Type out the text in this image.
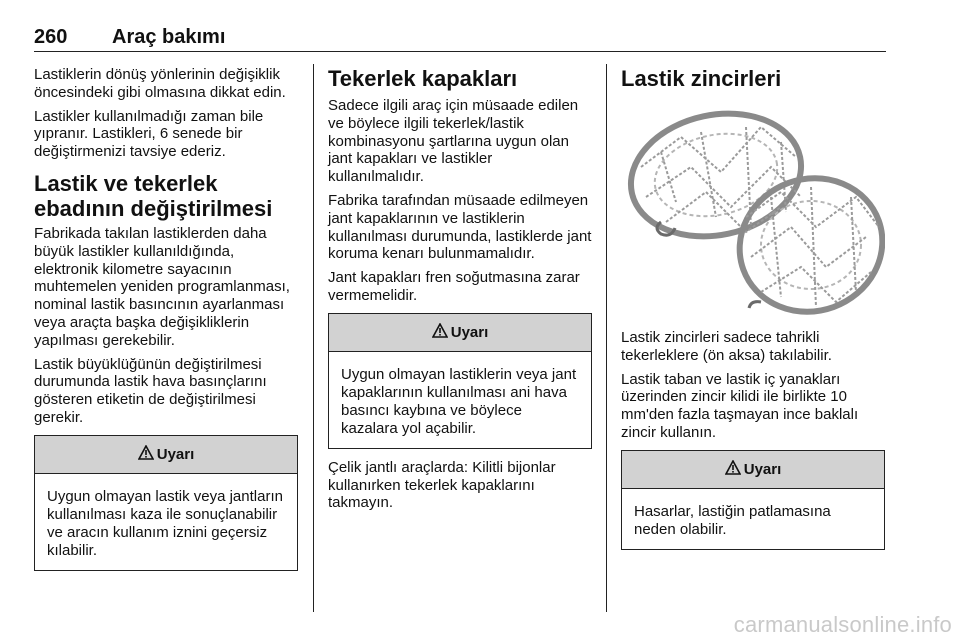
260 Araç bakımı

Lastiklerin dönüş yönlerinin değişiklik öncesindeki gibi olmasına dikkat edin.

Lastikler kullanılmadığı zaman bile yıpranır. Lastikleri, 6 senede bir değiştirmenizi tavsiye ederiz.

Lastik ve tekerlek ebadının değiştirilmesi

Fabrikada takılan lastiklerden daha büyük lastikler kullanıldığında, elektronik kilometre sayacının muhtemelen yeniden programlanması, nominal lastik basıncının ayarlanması veya araçta başka değişikliklerin yapılması gerekebilir.

Lastik büyüklüğünün değiştirilmesi durumunda lastik hava basınçlarını gösteren etiketin de değiştirilmesi gerekir.

Uyarı
Uygun olmayan lastik veya jantların kullanılması kaza ile sonuçlanabilir ve aracın kullanım iznini geçersiz kılabilir.
Tekerlek kapakları

Sadece ilgili araç için müsaade edilen ve böylece ilgili tekerlek/lastik kombinasyonu şartlarına uygun olan jant kapakları ve lastikler kullanılmalıdır.

Fabrika tarafından müsaade edilmeyen jant kapaklarının ve lastiklerin kullanılması durumunda, lastiklerde jant koruma kenarı bulunmamalıdır.

Jant kapakları fren soğutmasına zarar vermemelidir.

Uyarı
Uygun olmayan lastiklerin veya jant kapaklarının kullanılması ani hava basıncı kaybına ve böylece kazalara yol açabilir.

Çelik jantlı araçlarda: Kilitli bijonlar kullanırken tekerlek kapaklarını takmayın.

Lastik zincirleri

Lastik zincirleri sadece tahrikli tekerleklere (ön aksa) takılabilir.

Lastik taban ve lastik iç yanakları üzerinden zincir kilidi ile birlikte 10 mm'den fazla taşmayan ince baklalı zincir kullanın.

Uyarı
Hasarlar, lastiğin patlamasına neden olabilir.
carmanualsonline.info
